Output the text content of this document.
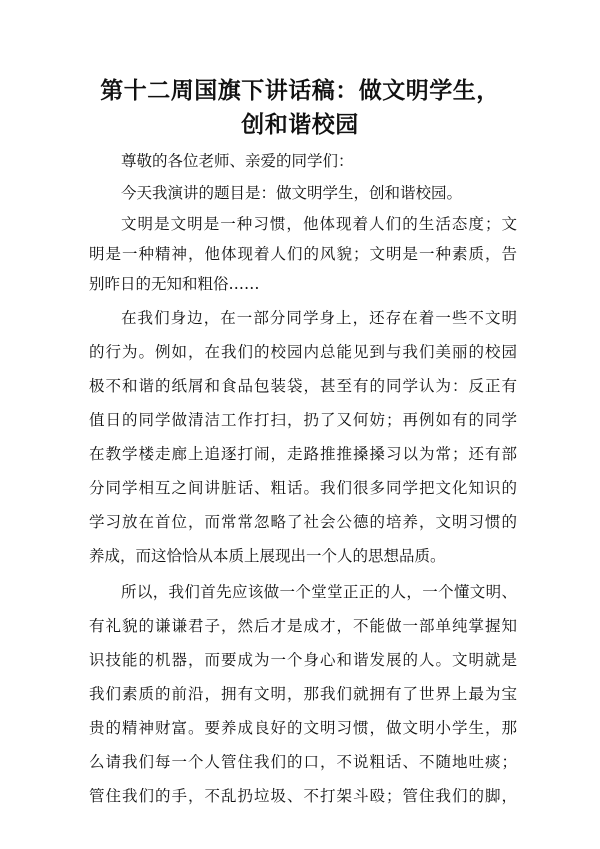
第十二周国旗下讲话稿：做文明学生，
创和谐校园
尊敬的各位老师、亲爱的同学们：
今天我演讲的题目是：做文明学生，创和谐校园。
文明是文明是一种习惯，他体现着人们的生活态度；文
明是一种精神，他体现着人们的风貌；文明是一种素质，告
别昨日的无知和粗俗……
在我们身边，在一部分同学身上，还存在着一些不文明
的行为。例如，在我们的校园内总能见到与我们美丽的校园
极不和谐的纸屑和食品包装袋，甚至有的同学认为：反正有
值日的同学做清洁工作打扫，扔了又何妨；再例如有的同学
在教学楼走廊上追逐打闹，走路推推搡搡习以为常；还有部
分同学相互之间讲脏话、粗话。我们很多同学把文化知识的
学习放在首位，而常常忽略了社会公德的培养，文明习惯的
养成，而这恰恰从本质上展现出一个人的思想品质。
所以，我们首先应该做一个堂堂正正的人，一个懂文明、
有礼貌的谦谦君子，然后才是成才，不能做一部单纯掌握知
识技能的机器，而要成为一个身心和谐发展的人。文明就是
我们素质的前沿，拥有文明，那我们就拥有了世界上最为宝
贵的精神财富。要养成良好的文明习惯，做文明小学生，那
么请我们每一个人管住我们的口，不说粗话、不随地吐痰；
管住我们的手，不乱扔垃圾、不打架斗殴；管住我们的脚，
